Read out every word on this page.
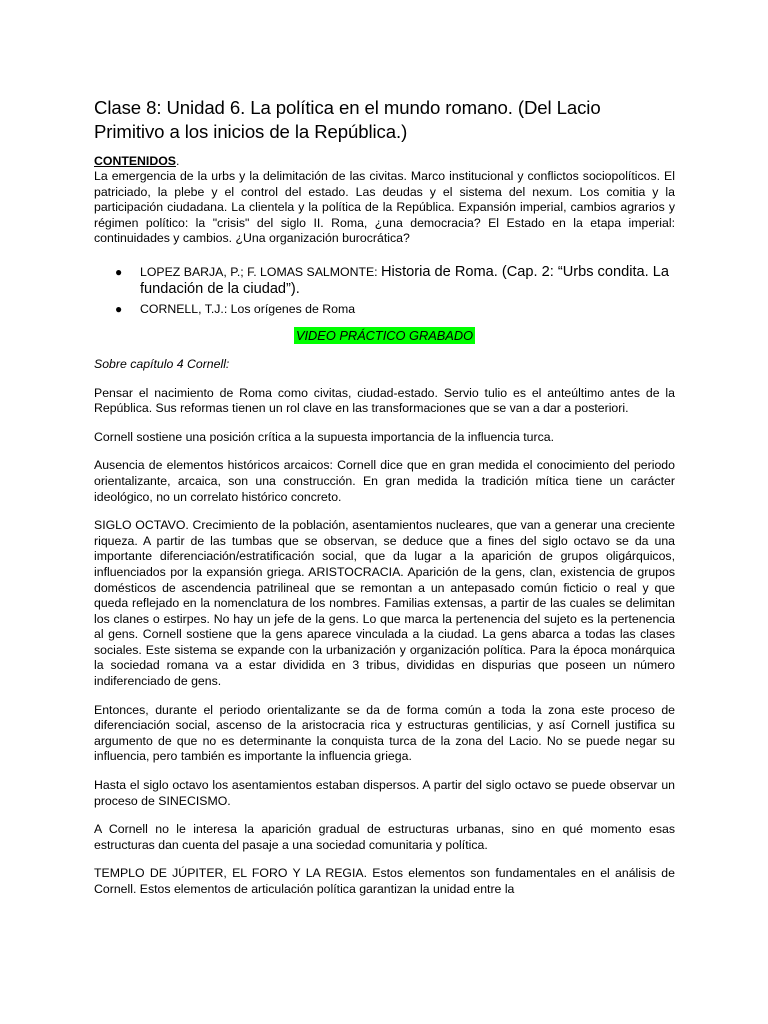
Clase 8: Unidad 6. La política en el mundo romano. (Del Lacio Primitivo a los inicios de la República.)
CONTENIDOS.

La emergencia de la urbs y la delimitación de las civitas. Marco institucional y conflictos sociopolíticos. El patriciado, la plebe y el control del estado. Las deudas y el sistema del nexum. Los comitia y la participación ciudadana. La clientela y la política de la República. Expansión imperial, cambios agrarios y régimen político: la "crisis" del siglo II. Roma, ¿una democracia? El Estado en la etapa imperial: continuidades y cambios. ¿Una organización burocrática?

● LOPEZ BARJA, P.; F. LOMAS SALMONTE: Historia de Roma. (Cap. 2: “Urbs condita. La fundación de la ciudad”).
● CORNELL, T.J.: Los orígenes de Roma
VIDEO PRÁCTICO GRABADO

Sobre capítulo 4 Cornell:

Pensar el nacimiento de Roma como civitas, ciudad-estado. Servio tulio es el anteúltimo antes de la República. Sus reformas tienen un rol clave en las transformaciones que se van a dar a posteriori.

Cornell sostiene una posición crítica a la supuesta importancia de la influencia turca.

Ausencia de elementos históricos arcaicos: Cornell dice que en gran medida el conocimiento del periodo orientalizante, arcaica, son una construcción. En gran medida la tradición mítica tiene un carácter ideológico, no un correlato histórico concreto.

SIGLO OCTAVO. Crecimiento de la población, asentamientos nucleares, que van a generar una creciente riqueza. A partir de las tumbas que se observan, se deduce que a fines del siglo octavo se da una importante diferenciación/estratificación social, que da lugar a la aparición de grupos oligárquicos, influenciados por la expansión griega. ARISTOCRACIA. Aparición de la gens, clan, existencia de grupos domésticos de ascendencia patrilineal que se remontan a un antepasado común ficticio o real y que queda reflejado en la nomenclatura de los nombres. Familias extensas, a partir de las cuales se delimitan los clanes o estirpes. No hay un jefe de la gens. Lo que marca la pertenencia del sujeto es la pertenencia al gens. Cornell sostiene que la gens aparece vinculada a la ciudad. La gens abarca a todas las clases sociales. Este sistema se expande con la urbanización y organización política. Para la época monárquica la sociedad romana va a estar dividida en 3 tribus, divididas en dispurias que poseen un número indiferenciado de gens.

Entonces, durante el periodo orientalizante se da de forma común a toda la zona este proceso de diferenciación social, ascenso de la aristocracia rica y estructuras gentilicias, y así Cornell justifica su argumento de que no es determinante la conquista turca de la zona del Lacio. No se puede negar su influencia, pero también es importante la influencia griega.

Hasta el siglo octavo los asentamientos estaban dispersos. A partir del siglo octavo se puede observar un proceso de SINECISMO.

A Cornell no le interesa la aparición gradual de estructuras urbanas, sino en qué momento esas estructuras dan cuenta del pasaje a una sociedad comunitaria y política.

TEMPLO DE JÚPITER, EL FORO Y LA REGIA. Estos elementos son fundamentales en el análisis de Cornell. Estos elementos de articulación política garantizan la unidad entre la
